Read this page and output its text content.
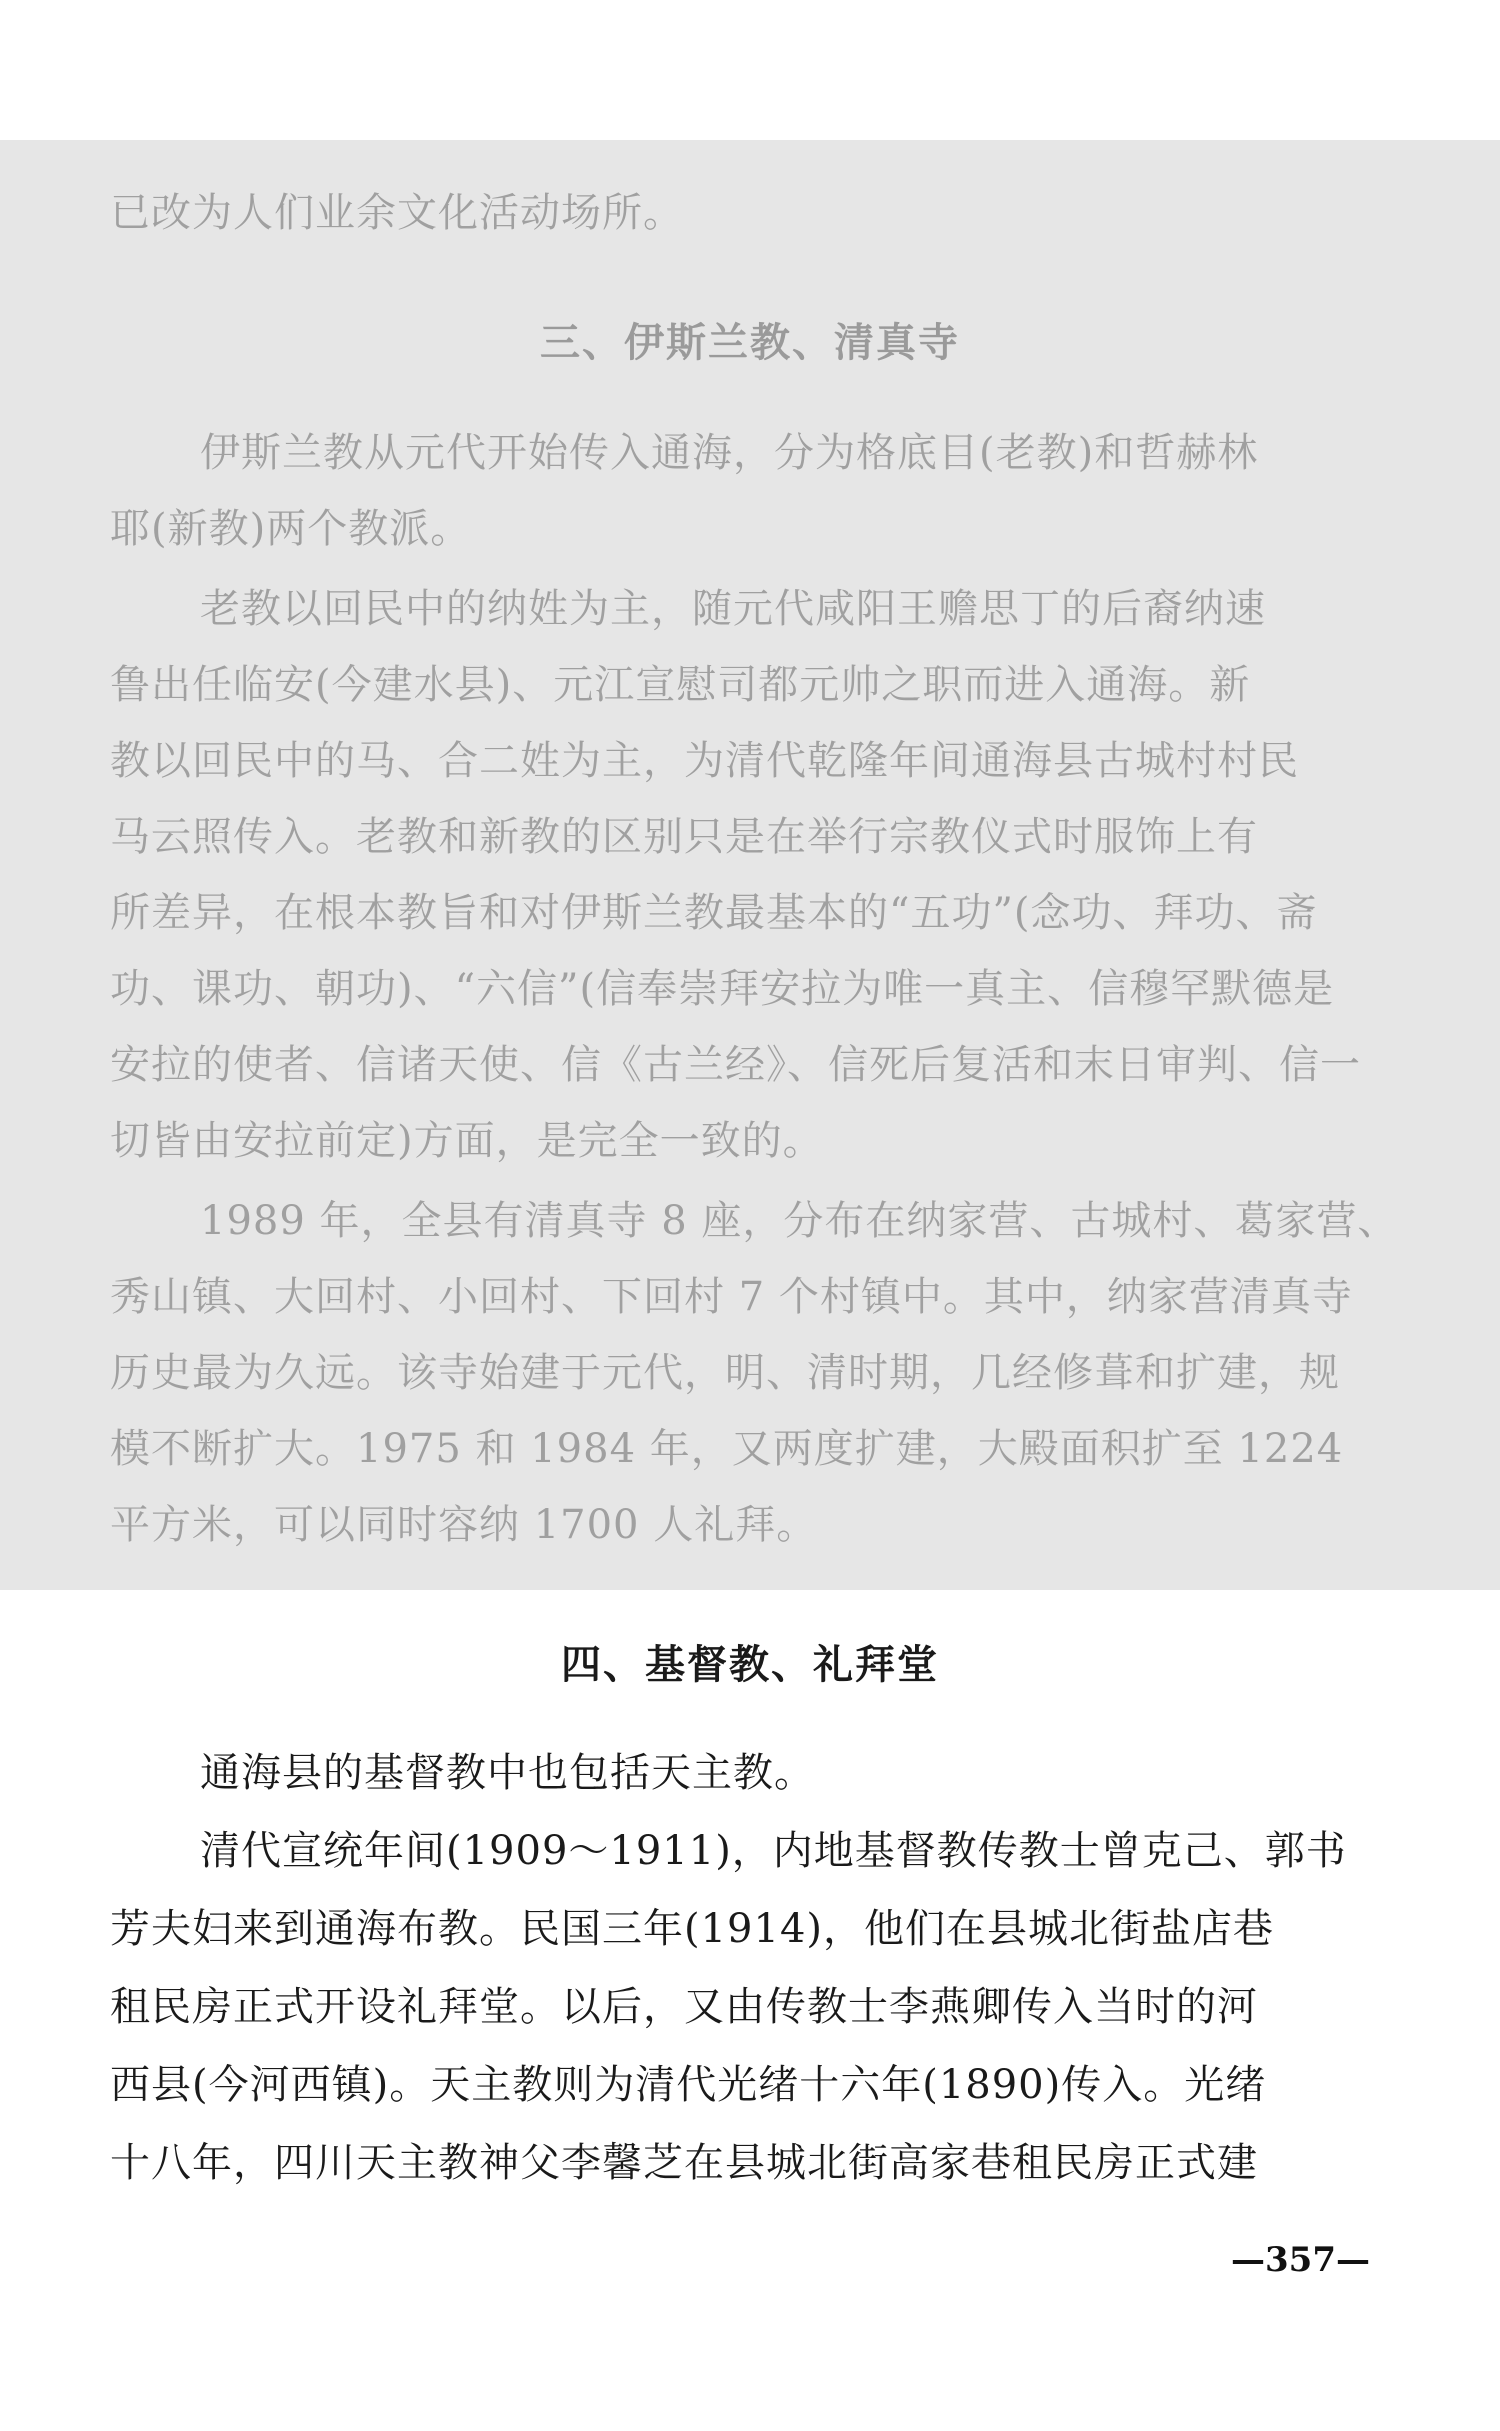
已改为人们业余文化活动场所。
三、伊斯兰教、清真寺
伊斯兰教从元代开始传入通海，分为格底目(老教)和哲赫林
耶(新教)两个教派。
老教以回民中的纳姓为主，随元代咸阳王赡思丁的后裔纳速
鲁出任临安(今建水县)、元江宣慰司都元帅之职而进入通海。新
教以回民中的马、合二姓为主，为清代乾隆年间通海县古城村村民
马云照传入。老教和新教的区别只是在举行宗教仪式时服饰上有
所差异，在根本教旨和对伊斯兰教最基本的“五功”(念功、拜功、斋
功、课功、朝功)、“六信”(信奉崇拜安拉为唯一真主、信穆罕默德是
安拉的使者、信诸天使、信《古兰经》、信死后复活和末日审判、信一
切皆由安拉前定)方面，是完全一致的。
1989 年，全县有清真寺 8 座，分布在纳家营、古城村、葛家营、
秀山镇、大回村、小回村、下回村 7 个村镇中。其中，纳家营清真寺
历史最为久远。该寺始建于元代，明、清时期，几经修葺和扩建，规
模不断扩大。1975 和 1984 年，又两度扩建，大殿面积扩至 1224
平方米，可以同时容纳 1700 人礼拜。
四、基督教、礼拜堂
通海县的基督教中也包括天主教。
清代宣统年间(1909～1911)，内地基督教传教士曾克己、郭书
芳夫妇来到通海布教。民国三年(1914)，他们在县城北街盐店巷
租民房正式开设礼拜堂。以后，又由传教士李燕卿传入当时的河
西县(今河西镇)。天主教则为清代光绪十六年(1890)传入。光绪
十八年，四川天主教神父李馨芝在县城北街高家巷租民房正式建
—357—
